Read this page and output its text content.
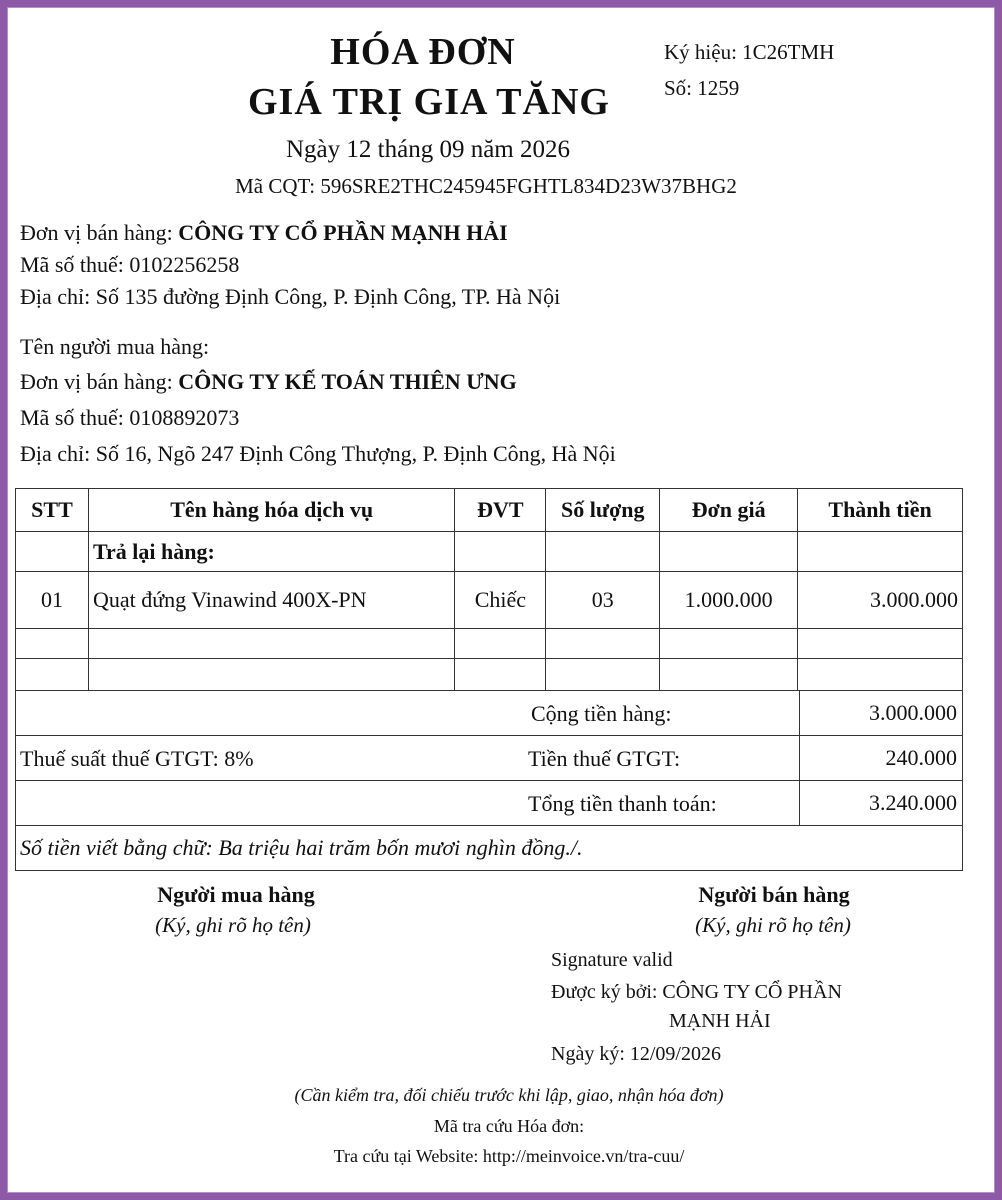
HÓA ĐƠN
GIÁ TRỊ GIA TĂNG
Ký hiệu: 1C26TMH
Số: 1259
Ngày 12 tháng 09 năm 2026
Mã CQT: 596SRE2THC245945FGHTL834D23W37BHG2
Đơn vị bán hàng: CÔNG TY CỔ PHẦN MẠNH HẢI
Mã số thuế: 0102256258
Địa chỉ: Số 135 đường Định Công, P. Định Công, TP. Hà Nội
Tên người mua hàng:
Đơn vị bán hàng: CÔNG TY KẾ TOÁN THIÊN ƯNG
Mã số thuế: 0108892073
Địa chỉ: Số 16, Ngõ 247 Định Công Thượng, P. Định Công, Hà Nội
STT	Tên hàng hóa dịch vụ	ĐVT	Số lượng	Đơn giá	Thành tiền
	Trả lại hàng:				
01	Quạt đứng Vinawind 400X-PN	Chiếc	03	1.000.000	3.000.000

Cộng tiền hàng:	3.000.000
Thuế suất thuế GTGT: 8%	Tiền thuế GTGT:	240.000
Tổng tiền thanh toán:	3.240.000
Số tiền viết bằng chữ: Ba triệu hai trăm bốn mươi nghìn đồng./.
Người mua hàng
(Ký, ghi rõ họ tên)
Người bán hàng
(Ký, ghi rõ họ tên)
Signature valid
Được ký bởi: CÔNG TY CỔ PHẦN
MẠNH HẢI
Ngày ký: 12/09/2026
(Cần kiểm tra, đối chiếu trước khi lập, giao, nhận hóa đơn)
Mã tra cứu Hóa đơn:
Tra cứu tại Website: http://meinvoice.vn/tra-cuu/
